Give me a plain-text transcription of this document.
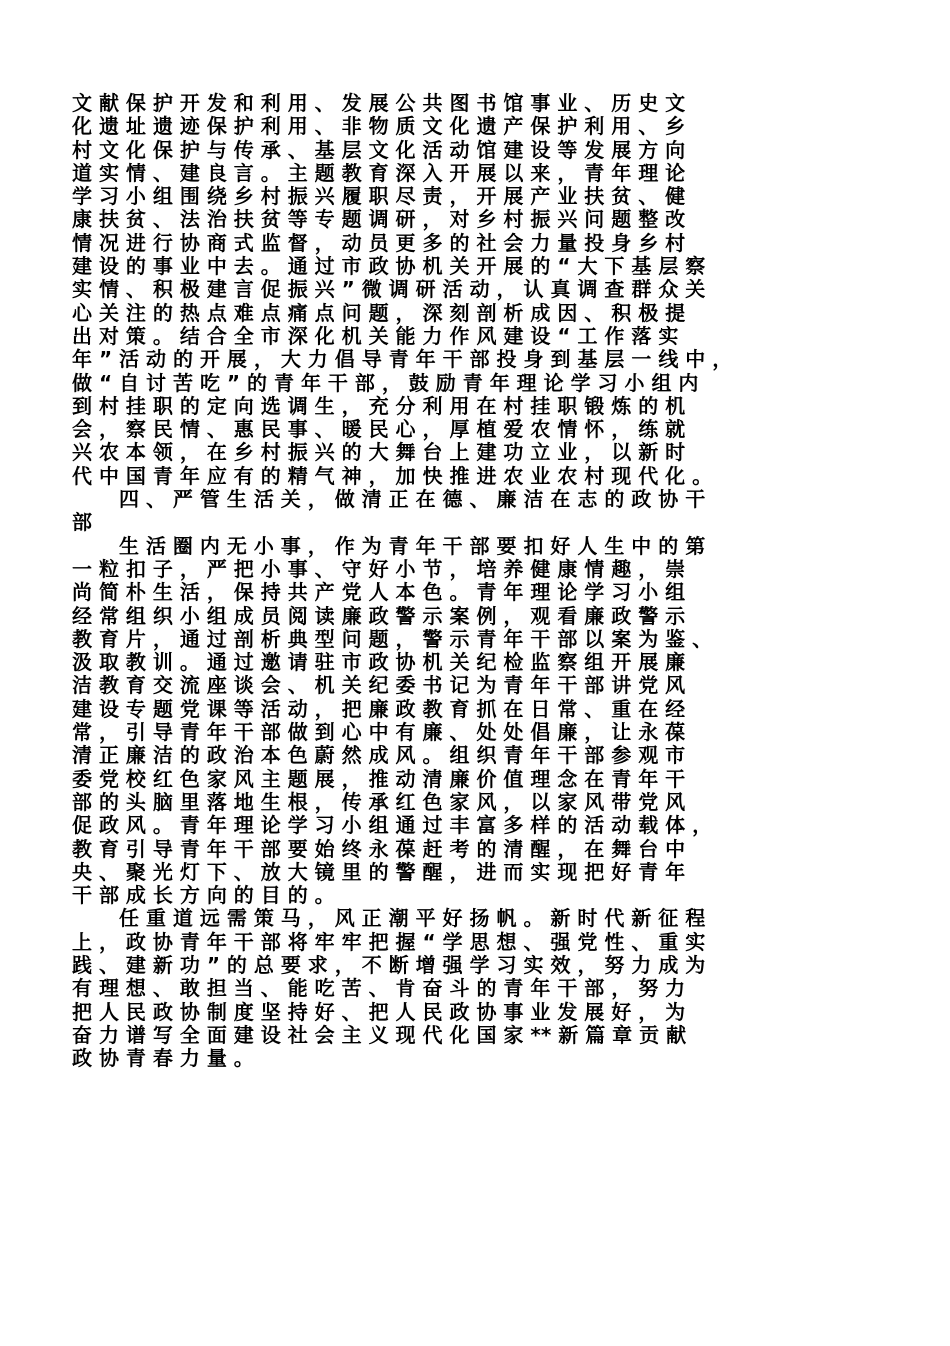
文 献 保 护 开 发 和 利 用 、 发 展 公 共 图 书 馆 事 业 、 历 史 文
化 遗 址 遗 迹 保 护 利 用 、 非 物 质 文 化 遗 产 保 护 利 用 、 乡
村 文 化 保 护 与 传 承 、 基 层 文 化 活 动 馆 建 设 等 发 展 方 向
道 实 情 、 建 良 言 。 主 题 教 育 深 入 开 展 以 来 ， 青 年 理 论
学 习 小 组 围 绕 乡 村 振 兴 履 职 尽 责 ， 开 展 产 业 扶 贫 、 健
康 扶 贫 、 法 治 扶 贫 等 专 题 调 研 ， 对 乡 村 振 兴 问 题 整 改
情 况 进 行 协 商 式 监 督 ， 动 员 更 多 的 社 会 力 量 投 身 乡 村
建 设 的 事 业 中 去 。 通 过 市 政 协 机 关 开 展 的 “ 大 下 基 层 察
实 情 、 积 极 建 言 促 振 兴 ” 微 调 研 活 动 ， 认 真 调 查 群 众 关
心 关 注 的 热 点 难 点 痛 点 问 题 ， 深 刻 剖 析 成 因 、 积 极 提
出 对 策 。 结 合 全 市 深 化 机 关 能 力 作 风 建 设 “ 工 作 落 实
年 ” 活 动 的 开 展 ， 大 力 倡 导 青 年 干 部 投 身 到 基 层 一 线 中 ，
做 “ 自 讨 苦 吃 ” 的 青 年 干 部 ， 鼓 励 青 年 理 论 学 习 小 组 内
到 村 挂 职 的 定 向 选 调 生 ， 充 分 利 用 在 村 挂 职 锻 炼 的 机
会 ， 察 民 情 、 惠 民 事 、 暖 民 心 ， 厚 植 爱 农 情 怀 ， 练 就
兴 农 本 领 ， 在 乡 村 振 兴 的 大 舞 台 上 建 功 立 业 ， 以 新 时
代 中 国 青 年 应 有 的 精 气 神 ， 加 快 推 进 农 业 农 村 现 代 化 。
四 、 严 管 生 活 关 ， 做 清 正 在 德 、 廉 洁 在 志 的 政 协 干
部
生 活 圈 内 无 小 事 ， 作 为 青 年 干 部 要 扣 好 人 生 中 的 第
一 粒 扣 子 ， 严 把 小 事 、 守 好 小 节 ， 培 养 健 康 情 趣 ， 崇
尚 简 朴 生 活 ， 保 持 共 产 党 人 本 色 。 青 年 理 论 学 习 小 组
经 常 组 织 小 组 成 员 阅 读 廉 政 警 示 案 例 ， 观 看 廉 政 警 示
教 育 片 ， 通 过 剖 析 典 型 问 题 ， 警 示 青 年 干 部 以 案 为 鉴 、
汲 取 教 训 。 通 过 邀 请 驻 市 政 协 机 关 纪 检 监 察 组 开 展 廉
洁 教 育 交 流 座 谈 会 、 机 关 纪 委 书 记 为 青 年 干 部 讲 党 风
建 设 专 题 党 课 等 活 动 ， 把 廉 政 教 育 抓 在 日 常 、 重 在 经
常 ， 引 导 青 年 干 部 做 到 心 中 有 廉 、 处 处 倡 廉 ， 让 永 葆
清 正 廉 洁 的 政 治 本 色 蔚 然 成 风 。 组 织 青 年 干 部 参 观 市
委 党 校 红 色 家 风 主 题 展 ， 推 动 清 廉 价 值 理 念 在 青 年 干
部 的 头 脑 里 落 地 生 根 ， 传 承 红 色 家 风 ， 以 家 风 带 党 风
促 政 风 。 青 年 理 论 学 习 小 组 通 过 丰 富 多 样 的 活 动 载 体 ，
教 育 引 导 青 年 干 部 要 始 终 永 葆 赶 考 的 清 醒 ， 在 舞 台 中
央 、 聚 光 灯 下 、 放 大 镜 里 的 警 醒 ， 进 而 实 现 把 好 青 年
干 部 成 长 方 向 的 目 的 。
任 重 道 远 需 策 马 ， 风 正 潮 平 好 扬 帆 。 新 时 代 新 征 程
上 ， 政 协 青 年 干 部 将 牢 牢 把 握 “ 学 思 想 、 强 党 性 、 重 实
践 、 建 新 功 ” 的 总 要 求 ， 不 断 增 强 学 习 实 效 ， 努 力 成 为
有 理 想 、 敢 担 当 、 能 吃 苦 、 肯 奋 斗 的 青 年 干 部 ， 努 力
把 人 民 政 协 制 度 坚 持 好 、 把 人 民 政 协 事 业 发 展 好 ， 为
奋 力 谱 写 全 面 建 设 社 会 主 义 现 代 化 国 家 ** 新 篇 章 贡 献
政 协 青 春 力 量 。
